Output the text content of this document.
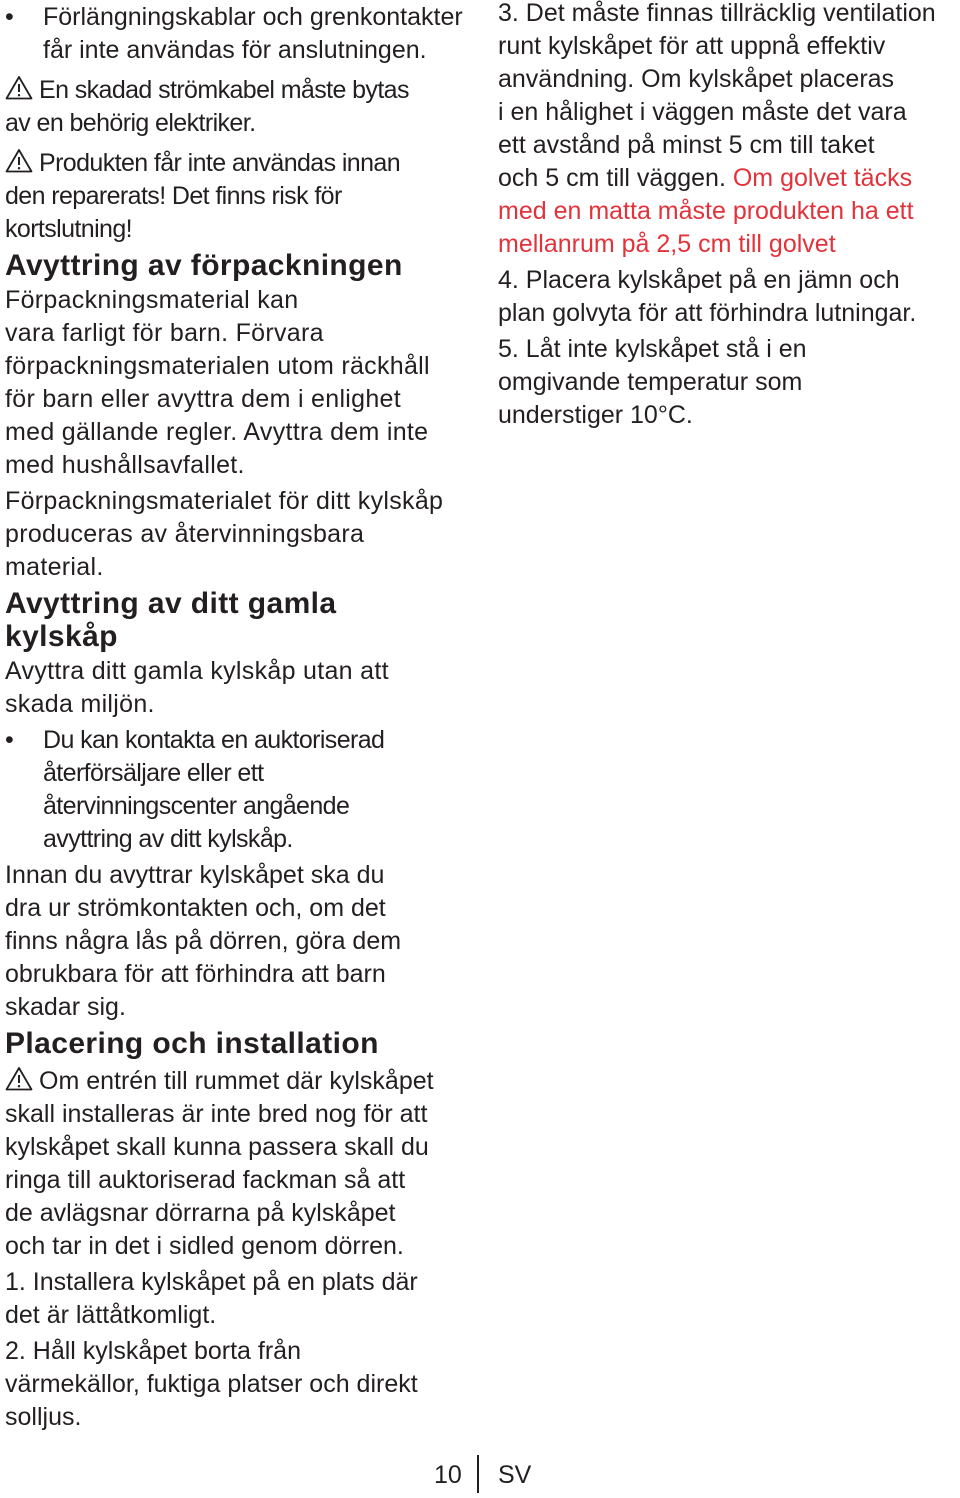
• Förlängningskablar och grenkontakter
får inte användas för anslutningen.
En skadad strömkabel måste bytas
av en behörig elektriker.
Produkten får inte användas innan
den reparerats! Det finns risk för
kortslutning!
Avyttring av förpackningen
Förpackningsmaterial kan
vara farligt för barn. Förvara
förpackningsmaterialen utom räckhåll
för barn eller avyttra dem i enlighet
med gällande regler. Avyttra dem inte
med hushållsavfallet.
Förpackningsmaterialet för ditt kylskåp
produceras av återvinningsbara
material.
Avyttring av ditt gamla
kylskåp
Avyttra ditt gamla kylskåp utan att
skada miljön.
• Du kan kontakta en auktoriserad
återförsäljare eller ett
återvinningscenter angående
avyttring av ditt kylskåp.
Innan du avyttrar kylskåpet ska du
dra ur strömkontakten och, om det
finns några lås på dörren, göra dem
obrukbara för att förhindra att barn
skadar sig.
Placering och installation
Om entrén till rummet där kylskåpet
skall installeras är inte bred nog för att
kylskåpet skall kunna passera skall du
ringa till auktoriserad fackman så att
de avlägsnar dörrarna på kylskåpet
och tar in det i sidled genom dörren.
1. Installera kylskåpet på en plats där
det är lättåtkomligt.
2. Håll kylskåpet borta från
värmekällor, fuktiga platser och direkt
solljus.
3. Det måste finnas tillräcklig ventilation
runt kylskåpet för att uppnå effektiv
användning. Om kylskåpet placeras
i en hålighet i väggen måste det vara
ett avstånd på minst 5 cm till taket
och 5 cm till väggen. Om golvet täcks
med en matta måste produkten ha ett
mellanrum på 2,5 cm till golvet
4. Placera kylskåpet på en jämn och
plan golvyta för att förhindra lutningar.
5. Låt inte kylskåpet stå i en
omgivande temperatur som
understiger 10°C.
10 SV
